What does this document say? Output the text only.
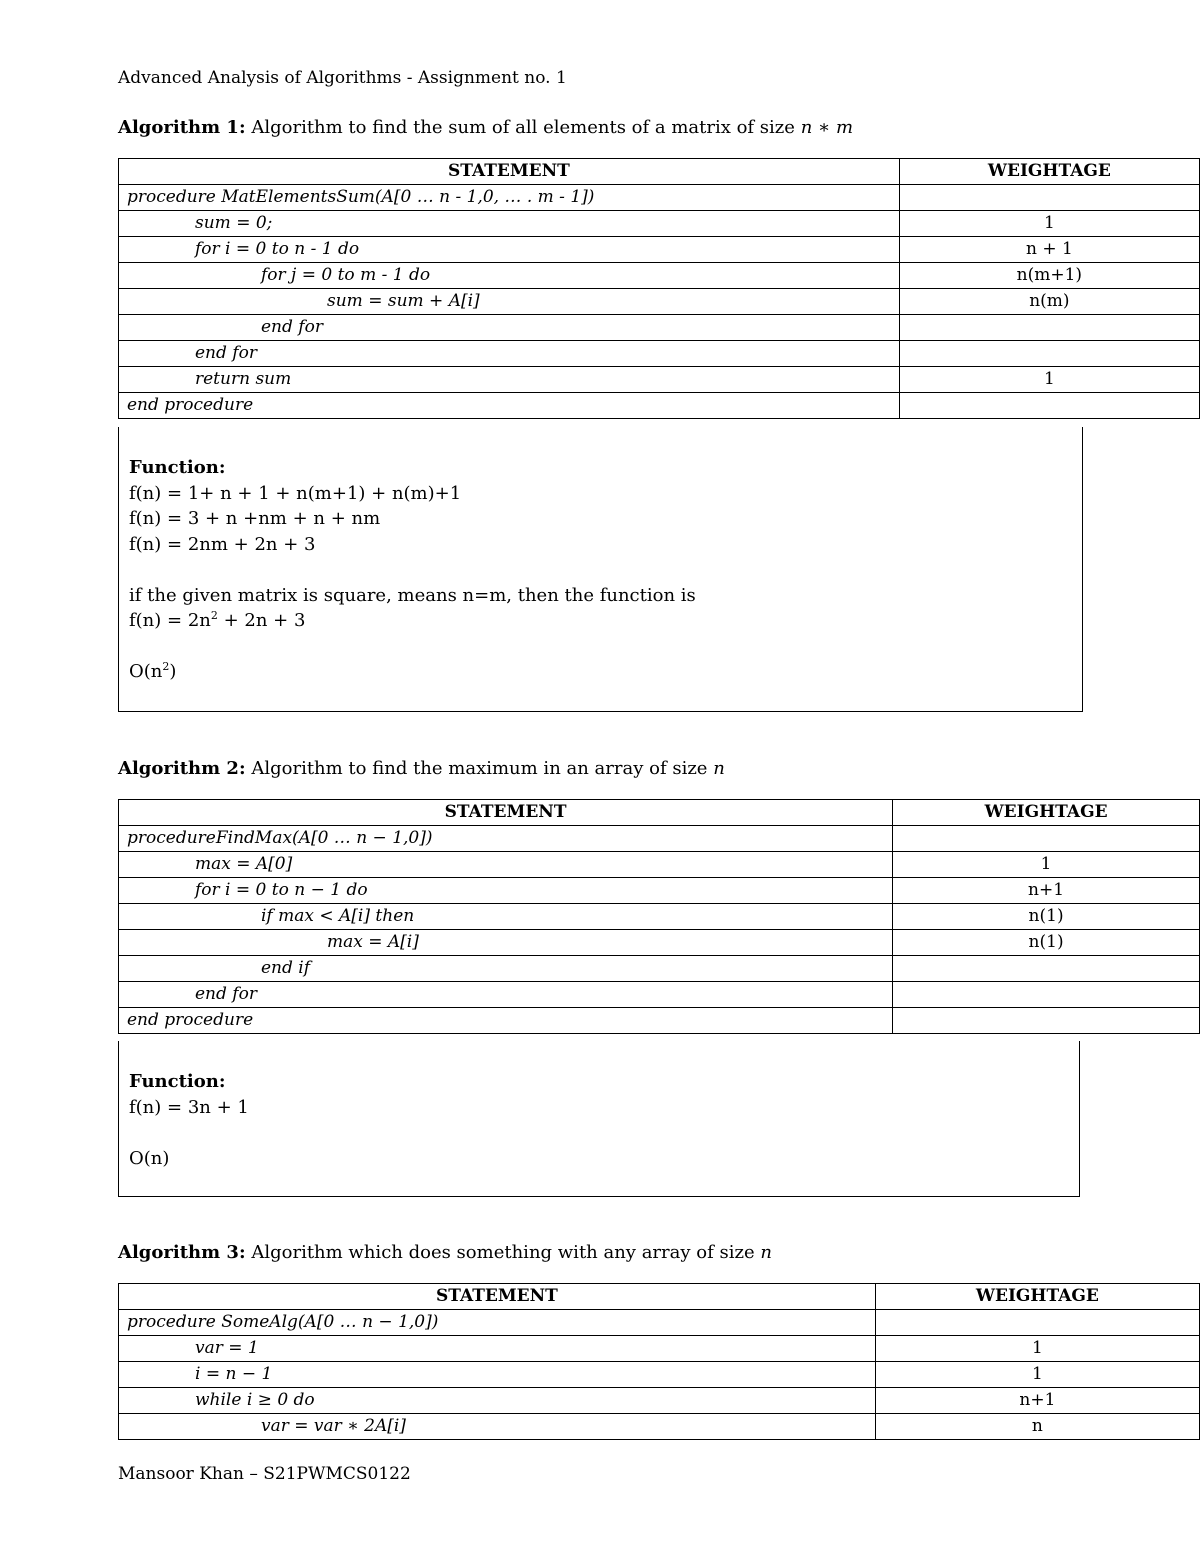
Advanced Analysis of Algorithms - Assignment no. 1
Algorithm 1: Algorithm to find the sum of all elements of a matrix of size n ∗ m
STATEMENT	WEIGHTAGE
procedure MatElementsSum(A[0 … n - 1,0, … . m - 1])	
sum = 0;	1
for i = 0 to n - 1 do	n + 1
for j = 0 to m - 1 do	n(m+1)
sum = sum + A[i]	n(m)
end for	
end for	
return sum	1
end procedure	
Function:
f(n) = 1+ n + 1 + n(m+1) + n(m)+1
f(n) = 3 + n +nm + n + nm
f(n) = 2nm + 2n + 3
if the given matrix is square, means n=m, then the function is
$f(n) = 2n^2 + 2n + 3$
$O(n^2)$
Algorithm 2: Algorithm to find the maximum in an array of size n
STATEMENT	WEIGHTAGE
procedureFindMax(A[0 … n − 1,0])	
max = A[0]	1
for i = 0 to n − 1 do	n+1
if max < A[i] then	n(1)
max = A[i]	n(1)
end if	
end for	
end procedure	
Function:
f(n) = 3n + 1
O(n)
Algorithm 3: Algorithm which does something with any array of size n
STATEMENT	WEIGHTAGE
procedure SomeAlg(A[0 … n − 1,0])	
var = 1	1
i = n − 1	1
while i ≥ 0 do	n+1
var = var ∗ 2A[i]	n
Mansoor Khan – S21PWMCS0122
